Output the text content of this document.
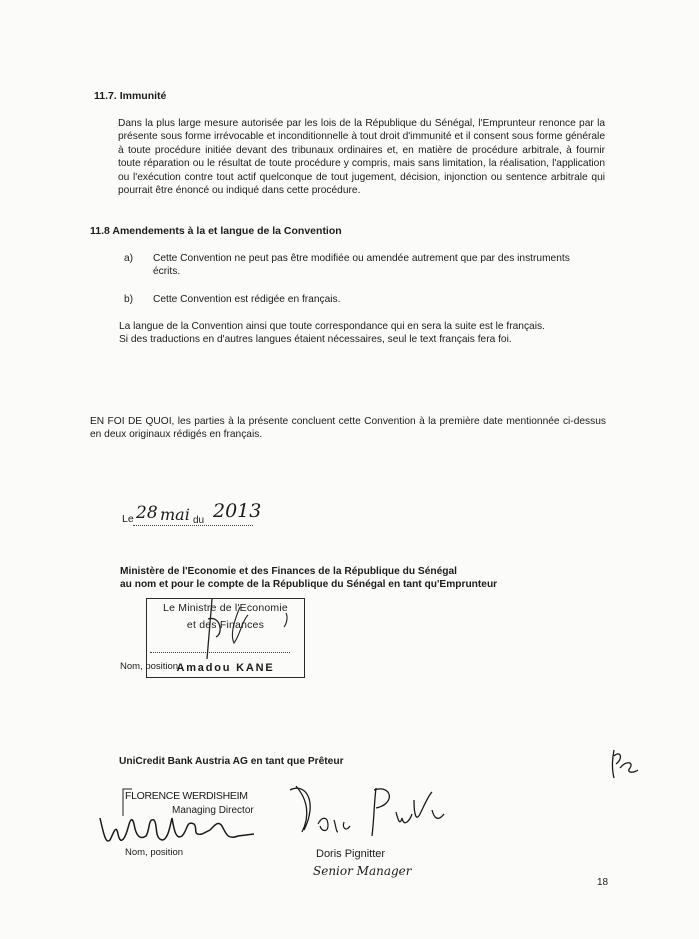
11.7. Immunité
Dans la plus large mesure autorisée par les lois de la République du Sénégal, l'Emprunteur renonce par la présente sous forme irrévocable et inconditionnelle à tout droit d'immunité et il consent sous forme générale à toute procédure initiée devant des tribunaux ordinaires et, en matière de procédure arbitrale, à fournir toute réparation ou le résultat de toute procédure y compris, mais sans limitation, la réalisation, l'application ou l'exécution contre tout actif quelconque de tout jugement, décision, injonction ou sentence arbitrale qui pourrait être énoncé ou indiqué dans cette procédure.
11.8 Amendements à la et langue de la Convention
a) Cette Convention ne peut pas être modifiée ou amendée autrement que par des instruments écrits.
b) Cette Convention est rédigée en français.
La langue de la Convention ainsi que toute correspondance qui en sera la suite est le français.
Si des traductions en d'autres langues étaient nécessaires, seul le text français fera foi.
EN FOI DE QUOI, les parties à la présente concluent cette Convention à la première date mentionnée ci-dessus en deux originaux rédigés en français.
Le 28 mai du 2013
Ministère de l'Economie et des Finances de la République du Sénégal
au nom et pour le compte de la République du Sénégal en tant qu'Emprunteur
Le Ministre de l'Economie
et des Finances
Amadou KANE
Nom, position
UniCredit Bank Austria AG en tant que Prêteur
FLORENCE WERDISHEIM
Managing Director
Nom, position	Doris Pignitter
Senior Manager
18
